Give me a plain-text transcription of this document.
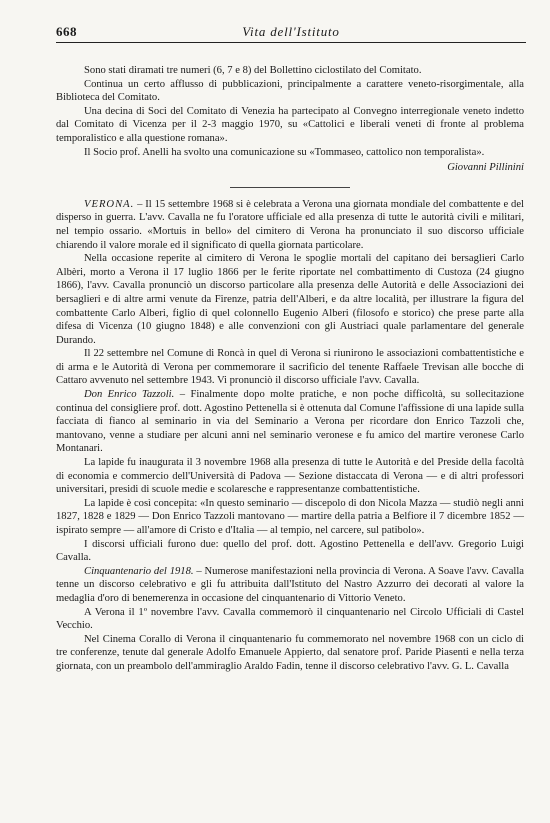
668	Vita dell'Istituto

Sono stati diramati tre numeri (6, 7 e 8) del Bollettino ciclostilato del Comitato.

Continua un certo afflusso di pubblicazioni, principalmente a carattere veneto-risorgimentale, alla Biblioteca del Comitato.

Una decina di Soci del Comitato di Venezia ha partecipato al Convegno interregionale veneto indetto dal Comitato di Vicenza per il 2-3 maggio 1970, su «Cattolici e liberali veneti di fronte al problema temporalistico e alla questione romana».

Il Socio prof. Anelli ha svolto una comunicazione su «Tommaseo, cattolico non temporalista».

Giovanni Pillinini

VERONA. – Il 15 settembre 1968 si è celebrata a Verona una giornata mondiale del combattente e del disperso in guerra. L'avv. Cavalla ne fu l'oratore ufficiale ed alla presenza di tutte le autorità civili e militari, nel tempio ossario. «Mortuis in bello» del cimitero di Verona ha pronunciato il suo discorso ufficiale chiarendo il valore morale ed il significato di quella giornata particolare.

Nella occasione reperite al cimitero di Verona le spoglie mortali del capitano dei bersaglieri Carlo Albèri, morto a Verona il 17 luglio 1866 per le ferite riportate nel combattimento di Custoza (24 giugno 1866), l'avv. Cavalla pronunciò un discorso particolare alla presenza delle Autorità e delle Associazioni dei bersaglieri e di altre armi venute da Firenze, patria dell'Alberi, e da altre località, per illustrare la figura del combattente Carlo Alberi, figlio di quel colonnello Eugenio Alberi (filosofo e storico) che prese parte alla difesa di Vicenza (10 giugno 1848) e alle convenzioni con gli Austriaci quale parlamentare del generale Durando.

Il 22 settembre nel Comune di Roncà in quel di Verona si riunirono le associazioni combattentistiche e di arma e le Autorità di Verona per commemorare il sacrificio del tenente Raffaele Trevisan alle bocche di Cattaro avvenuto nel settembre 1943. Vi pronunciò il discorso ufficiale l'avv. Cavalla.

Don Enrico Tazzoli. – Finalmente dopo molte pratiche, e non poche difficoltà, su sollecitazione continua del consigliere prof. dott. Agostino Pettenella si è ottenuta dal Comune l'affissione di una lapide sulla facciata di fianco al seminario in via del Seminario a Verona per ricordare don Enrico Tazzoli che, mantovano, venne a studiare per alcuni anni nel seminario veronese e fu amico del martire veronese Carlo Montanari.

La lapide fu inaugurata il 3 novembre 1968 alla presenza di tutte le Autorità e del Preside della facoltà di economia e commercio dell'Università di Padova — Sezione distaccata di Verona — e di altri professori universitari, presidi di scuole medie e scolaresche e rappresentanze combattentistiche.

La lapide è così concepita: «In questo seminario — discepolo di don Nicola Mazza — studiò negli anni 1827, 1828 e 1829 — Don Enrico Tazzoli mantovano — martire della patria a Belfiore il 7 dicembre 1852 — ispirato sempre — all'amore di Cristo e d'Italia — al tempio, nel carcere, sul patibolo».

I discorsi ufficiali furono due: quello del prof. dott. Agostino Pettenella e dell'avv. Gregorio Luigi Cavalla.

Cinquantenario del 1918. – Numerose manifestazioni nella provincia di Verona. A Soave l'avv. Cavalla tenne un discorso celebrativo e gli fu attribuita dall'Istituto del Nastro Azzurro dei decorati al valore la medaglia d'oro di benemerenza in occasione del cinquantenario di Vittorio Veneto.

A Verona il 1º novembre l'avv. Cavalla commemorò il cinquantenario nel Circolo Ufficiali di Castel Vecchio.

Nel Cinema Corallo di Verona il cinquantenario fu commemorato nel novembre 1968 con un ciclo di tre conferenze, tenute dal generale Adolfo Emanuele Appierto, dal senatore prof. Paride Piasenti e nella terza giornata, con un preambolo dell'ammiraglio Araldo Fadin, tenne il discorso celebrativo l'avv. G. L. Cavalla
